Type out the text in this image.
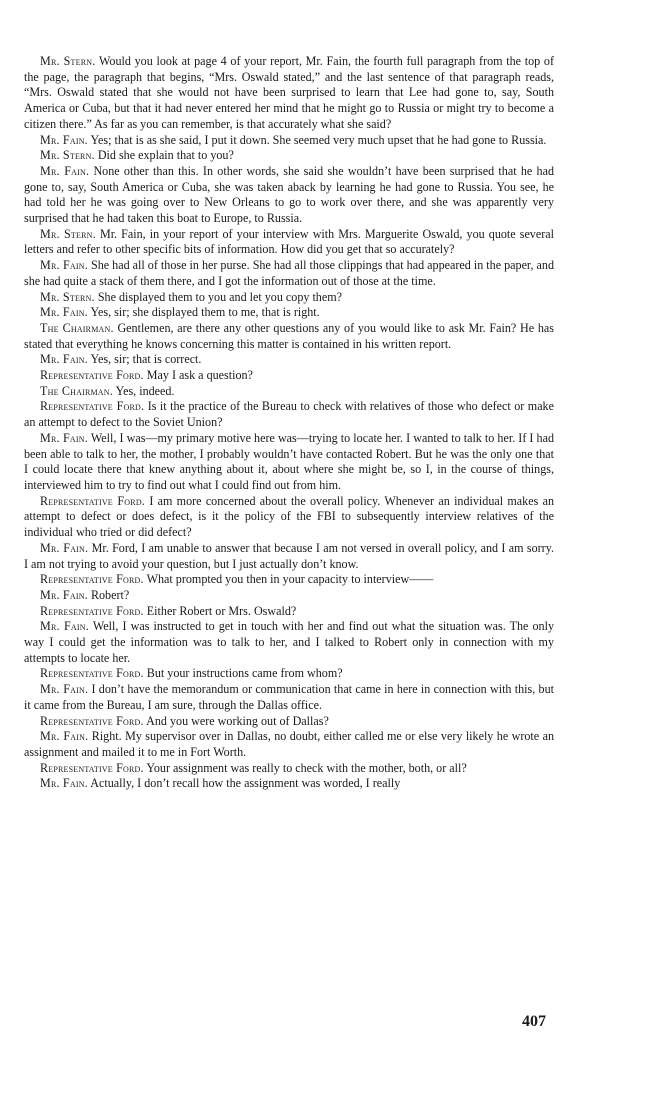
Mr. Stern. Would you look at page 4 of your report, Mr. Fain, the fourth full paragraph from the top of the page, the paragraph that begins, “Mrs. Oswald stated,” and the last sentence of that paragraph reads, “Mrs. Oswald stated that she would not have been surprised to learn that Lee had gone to, say, South America or Cuba, but that it had never entered her mind that he might go to Russia or might try to become a citizen there.” As far as you can remember, is that accurately what she said?

Mr. Fain. Yes; that is as she said, I put it down. She seemed very much upset that he had gone to Russia.

Mr. Stern. Did she explain that to you?

Mr. Fain. None other than this. In other words, she said she wouldn’t have been surprised that he had gone to, say, South America or Cuba, she was taken aback by learning he had gone to Russia. You see, he had told her he was going over to New Orleans to go to work over there, and she was apparently very surprised that he had taken this boat to Europe, to Russia.

Mr. Stern. Mr. Fain, in your report of your interview with Mrs. Marguerite Oswald, you quote several letters and refer to other specific bits of information. How did you get that so accurately?

Mr. Fain. She had all of those in her purse. She had all those clippings that had appeared in the paper, and she had quite a stack of them there, and I got the information out of those at the time.

Mr. Stern. She displayed them to you and let you copy them?

Mr. Fain. Yes, sir; she displayed them to me, that is right.

The Chairman. Gentlemen, are there any other questions any of you would like to ask Mr. Fain? He has stated that everything he knows concerning this matter is contained in his written report.

Mr. Fain. Yes, sir; that is correct.

Representative Ford. May I ask a question?

The Chairman. Yes, indeed.

Representative Ford. Is it the practice of the Bureau to check with relatives of those who defect or make an attempt to defect to the Soviet Union?

Mr. Fain. Well, I was—my primary motive here was—trying to locate her. I wanted to talk to her. If I had been able to talk to her, the mother, I probably wouldn’t have contacted Robert. But he was the only one that I could locate there that knew anything about it, about where she might be, so I, in the course of things, interviewed him to try to find out what I could find out from him.

Representative Ford. I am more concerned about the overall policy. Whenever an individual makes an attempt to defect or does defect, is it the policy of the FBI to subsequently interview relatives of the individual who tried or did defect?

Mr. Fain. Mr. Ford, I am unable to answer that because I am not versed in overall policy, and I am sorry. I am not trying to avoid your question, but I just actually don’t know.

Representative Ford. What prompted you then in your capacity to interview——

Mr. Fain. Robert?

Representative Ford. Either Robert or Mrs. Oswald?

Mr. Fain. Well, I was instructed to get in touch with her and find out what the situation was. The only way I could get the information was to talk to her, and I talked to Robert only in connection with my attempts to locate her.

Representative Ford. But your instructions came from whom?

Mr. Fain. I don’t have the memorandum or communication that came in here in connection with this, but it came from the Bureau, I am sure, through the Dallas office.

Representative Ford. And you were working out of Dallas?

Mr. Fain. Right. My supervisor over in Dallas, no doubt, either called me or else very likely he wrote an assignment and mailed it to me in Fort Worth.

Representative Ford. Your assignment was really to check with the mother, both, or all?

Mr. Fain. Actually, I don’t recall how the assignment was worded, I really

407
